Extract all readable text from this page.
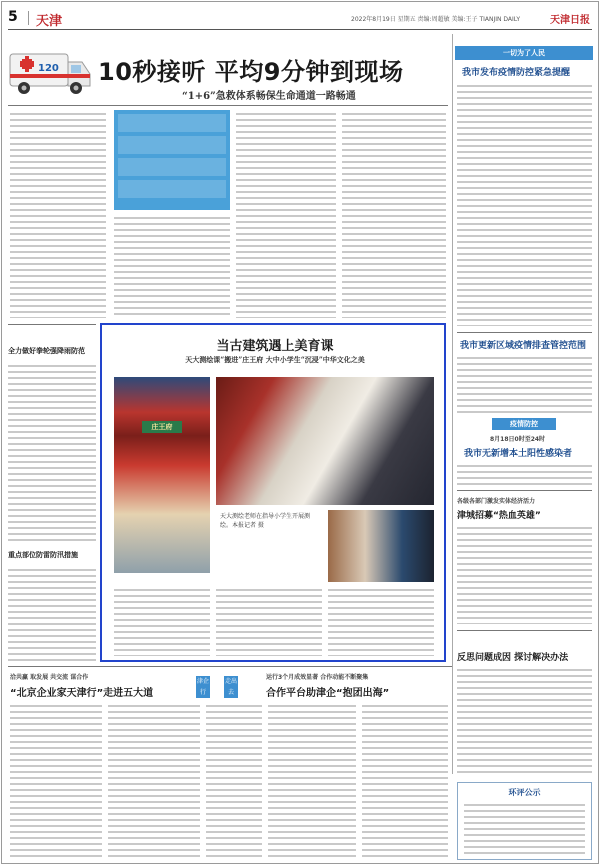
5 天津	2022年8月19日 星期五 责编:周超敏 美编:王子 TIANJIN DAILY	天津日报
120 10秒接听 平均9分钟到现场
“1+6”急救体系畅保生命通道一路畅通
全力做好拳轮强降雨防范
重点部位防雷防汛措施
当古建筑遇上美育课
天大测绘课“搬进”庄王府 大中小学生“沉浸”中华文化之美
庄王府
天大测绘老师在指导小学生开展测绘。本报记者 摄
一切为了人民
我市发布疫情防控紧急提醒
我市更新区域疫情排查管控范围
疫情防控
8月18日0时至24时
我市无新增本土阳性感染者
各级各部门激发实体经济活力
津城招募“热血英雄”
反思问题成因 探讨解决办法
洽共赢 取发展 共交流 谋合作
“北京企业家天津行”走进五大道
津企行
走出去
运行3个月成效显著 合作动能不断聚集
合作平台助津企“抱团出海”
环评公示
